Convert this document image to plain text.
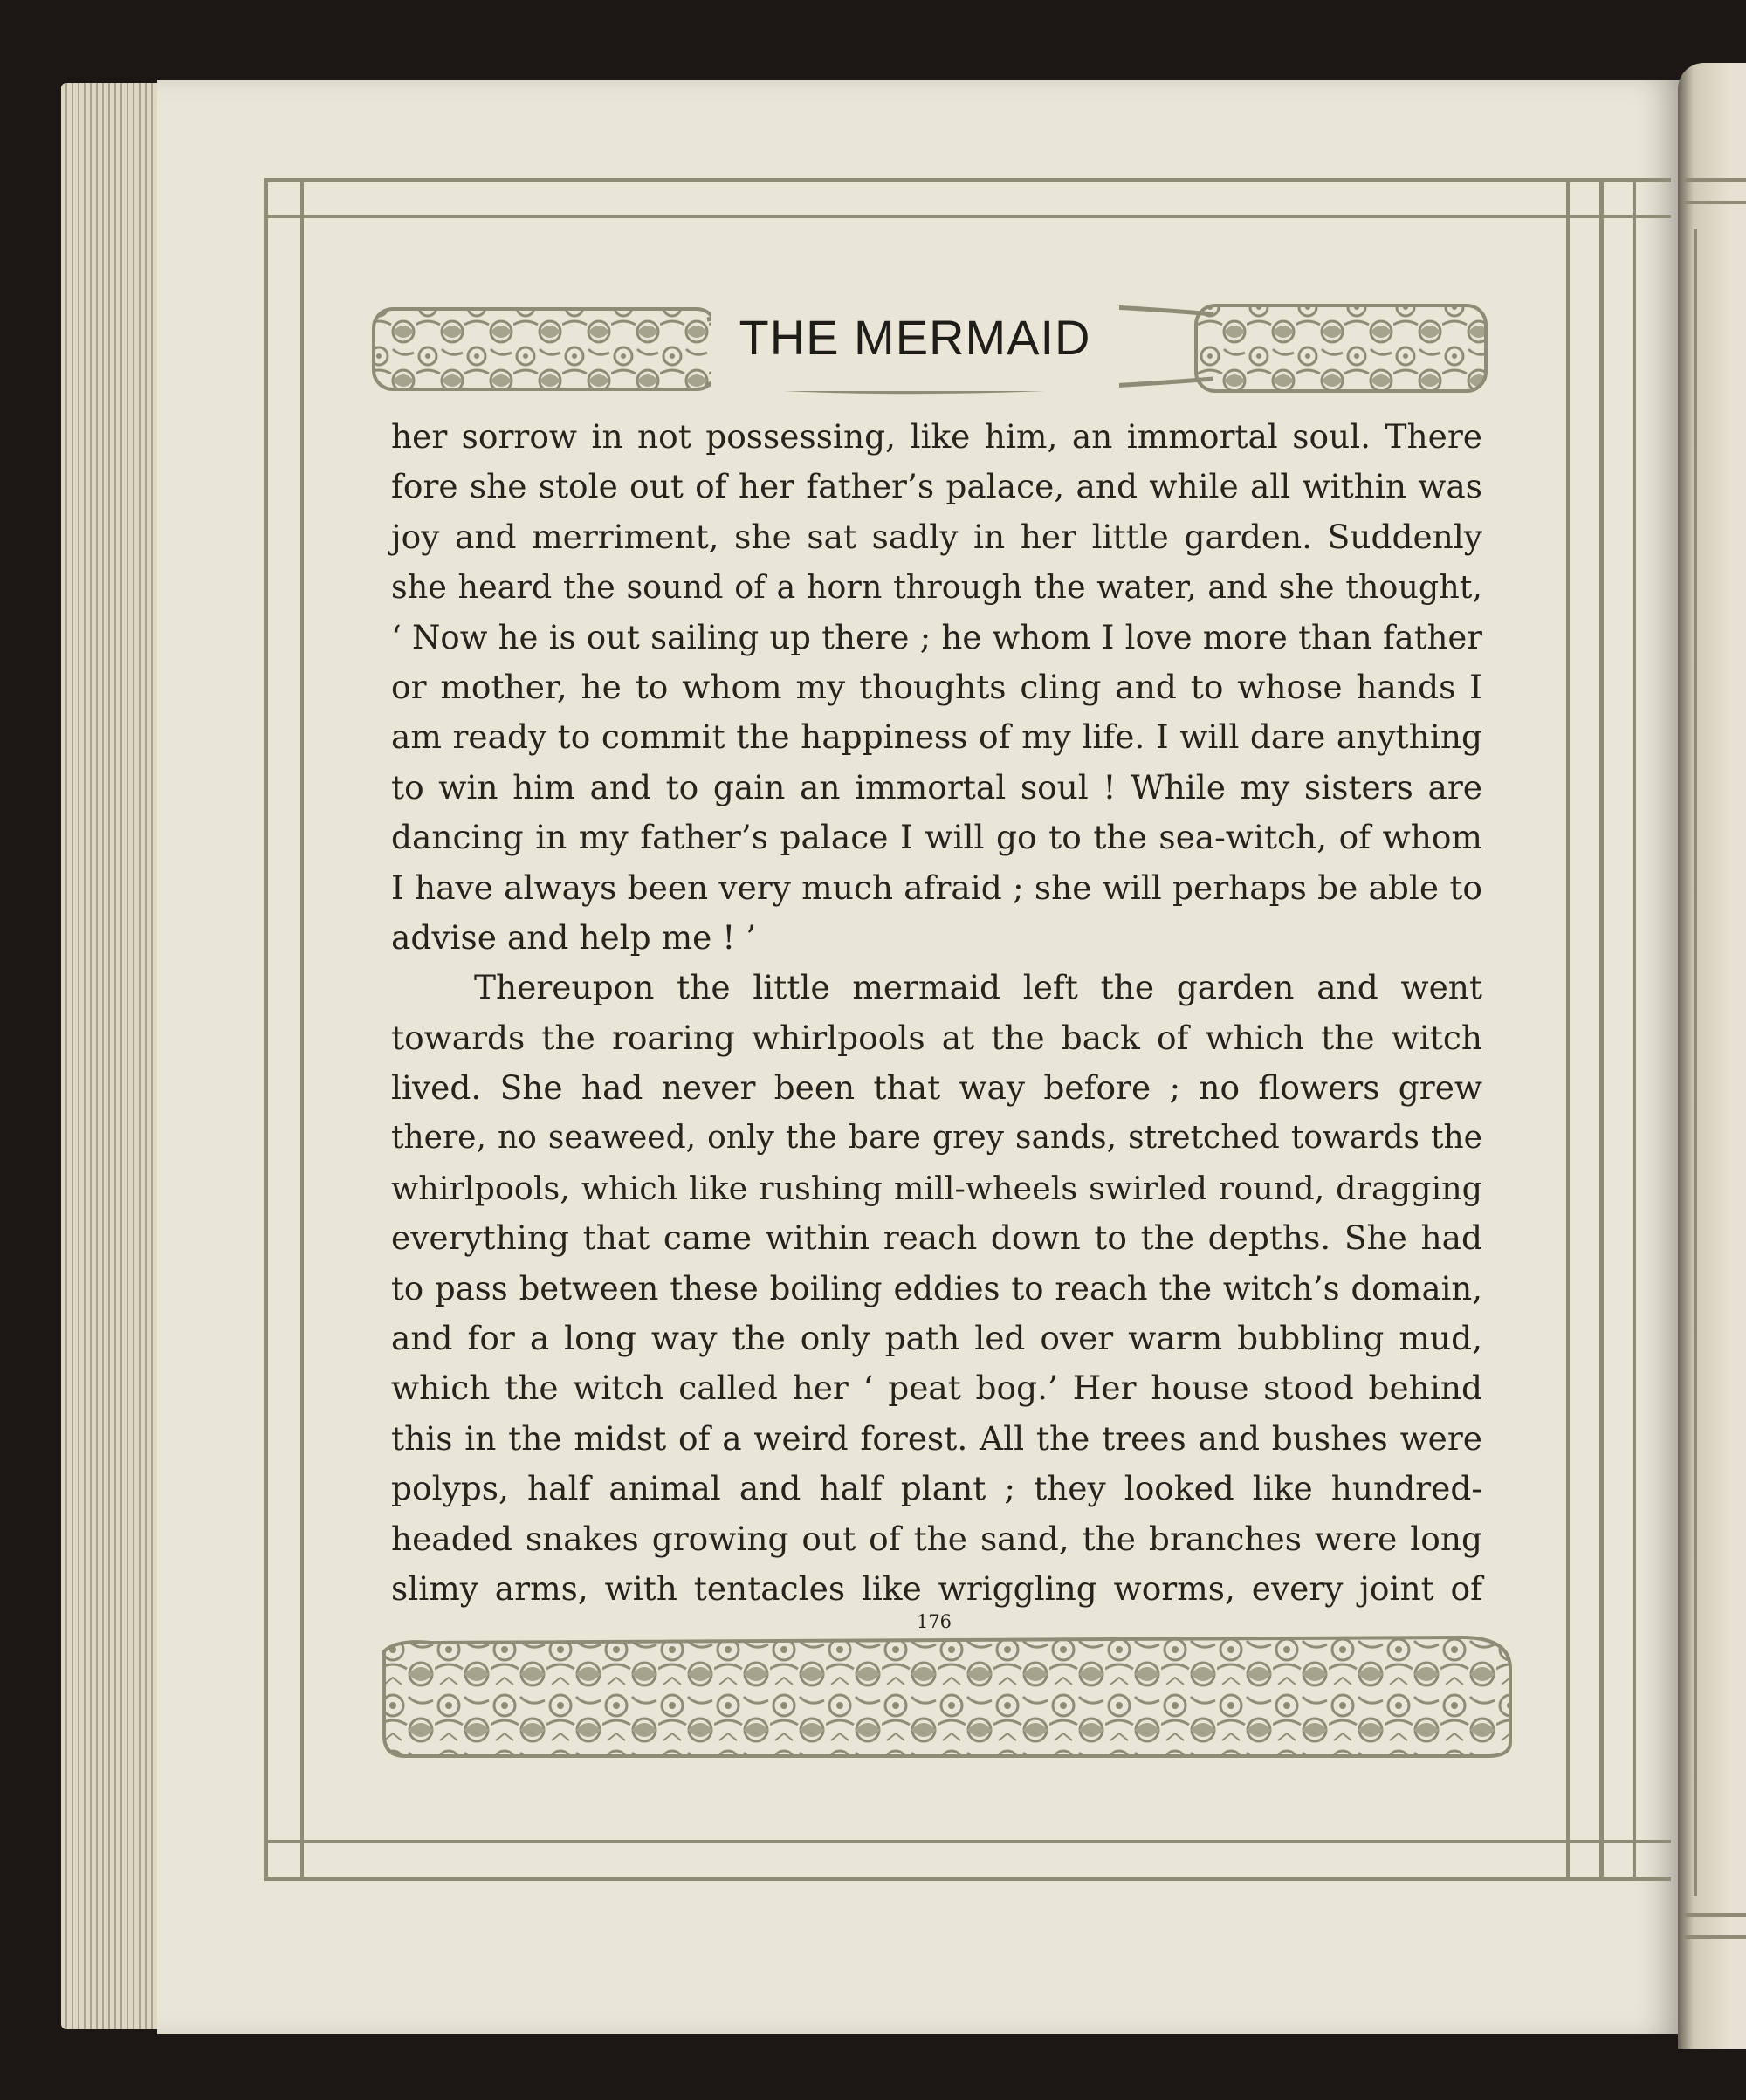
THE MERMAID
her sorrow in not possessing, like him, an immortal soul. There
fore she stole out of her father’s palace, and while all within was
joy and merriment, she sat sadly in her little garden. Suddenly
she heard the sound of a horn through the water, and she thought,
‘ Now he is out sailing up there ; he whom I love more than father
or mother, he to whom my thoughts cling and to whose hands I
am ready to commit the happiness of my life. I will dare anything
to win him and to gain an immortal soul ! While my sisters are
dancing in my father’s palace I will go to the sea-witch, of whom
I have always been very much afraid ; she will perhaps be able to
advise and help me ! ’
Thereupon the little mermaid left the garden and went
towards the roaring whirlpools at the back of which the witch
lived. She had never been that way before ; no flowers grew
there, no seaweed, only the bare grey sands, stretched towards the
whirlpools, which like rushing mill-wheels swirled round, dragging
everything that came within reach down to the depths. She had
to pass between these boiling eddies to reach the witch’s domain,
and for a long way the only path led over warm bubbling mud,
which the witch called her ‘ peat bog.’ Her house stood behind
this in the midst of a weird forest. All the trees and bushes were
polyps, half animal and half plant ; they looked like hundred-
headed snakes growing out of the sand, the branches were long
slimy arms, with tentacles like wriggling worms, every joint of
176
